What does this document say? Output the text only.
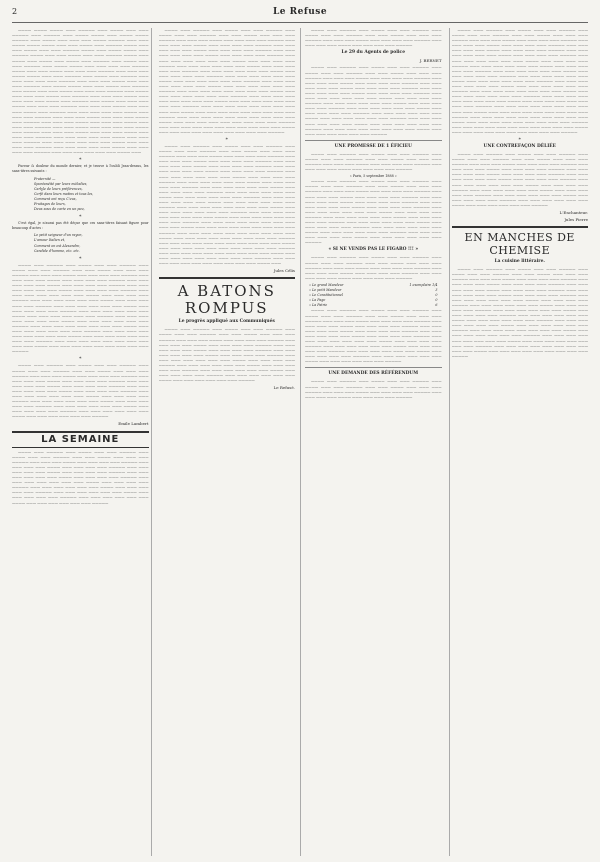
2	Le Refuse

———— ———— ———— ——— ————— ——— ———— ——— ——— ————— ——— ————— ——— ———— ———— ——— ———— ———— ————— ——— ———— ——— ——— ——— ———— ————— ——— ——— ———— ———— ———— ——— ——— ———— ——— ————— ———— ——— ——— ———— ——— ——— ————— ———— ——— ———— ———— ——— ————— ———— ——— ——— ———— ——— ——— ————— ———— ——— ———— ——— ———— ——— ———— ——— ————— ——— ———— ——— ——— ————— ——— ———— ———— ——— ——— ——— ——— ————— ———— ——— ——— ———— ——— ——— ——— ————— ——— ——— ——— ———— ———— ——— ——— ————— ——— ———— ——— ————— ——— ——— ——— ——— ——— ————— ——— ——— ——— ———— ——— ——— ——— ————— ——— ———— ———— ——— ——— ———— ——— ————— ——— ———— ——— ——— ———— ——— ——— ——— ————— ——— ———— ——— ——— ——— ———— ——— ————— ——— ——— ——— ———— ——— ——— ——— ——— ———— ——— ————— ——— ———— ——— ——— ——— ———— ——— ——— ——— ————— ——— ——— ——— ———— ——— ——— ——— ———— ——— ————— ——— ——— ——— ——— ——— ———— ——— ——— ——— ————— ——— ——— ——— ———— ——— ——— ——— ———— ——— ————— ——— ——— ——— ———— ——— ——— ——— ———— ——— ——— ——— ————— ——— ——— ———— ——— ——— ——— ——— ———— ——— ————— ——— ——— ——— ———— ——— ——— ——— ———— ——— ——— ——— ————— ——— ——— ——— ——— ——— ———— ——— ——— ——— ————— ——— ——— ——— ——— ——— ——— ———— ——— ——— ——— ——— ————— ——— ——— ——— ——— ——— ———— ——— ——— ——— ——— ————— ——— ——— ——— ——— ——— ——— ———— ———

*

Fureur & douleur du monde dernier, et je trouve à l'oubli Jean-dessus, les sans-titres suivants :

Fraternité —
Spontanéité par leurs mélodies,
Carlyle de leurs préférences,
Cerfé dans leurs matins et tous les,
Comment ont reçu C'eux,
Fruitages de leurs,
Deux sous de carte en un peu,
*

C'est égal, je n'aurai pas été déçue que ces sans-titres faisant figure pour beaucoup d'actes :

Le petit seigneur d'un rayon,
L'amour Italien et,
Comment on est Alexandre,
Candide d'homme, etc. etc.
*

———— ——— ————— ——— ———— ——— ——— ————— ——— ———— ——— ——— ————— ——— ——— ———— ——— ——— ——— ————— ——— ——— ——— ———— ——— ——— ——— ——— ————— ——— ——— ——— ——— ———— ——— ——— ——— ——— ————— ——— ——— ——— ——— ——— ———— ——— ——— ——— ——— ————— ——— ——— ——— ——— ——— ——— ———— ——— ——— ——— ——— ————— ——— ——— ——— ——— ——— ——— ——— ———— ——— ——— ——— ——— ————— ——— ——— ——— ——— ——— ——— ———— ——— ——— ——— ——— ——— ————— ——— ——— ——— ——— ——— ——— ———— ——— ——— ——— ——— ——— ————— ——— ——— ——— ——— ——— ——— ———— ——— ——— ——— ——— ——— ——— ————— ——— ——— ——— ——— ——— ——— ——— ———— ——— ——— ——— ——— ——— ——— ————— ——— ——— ——— ——— ——— ——— ——— ——— ———— ——— ——— ——— ——— ——— ——— ——— ————— ——— ——— ——— ——— ——— ——— ——— ——— ——— ———— ——— ——— ——— ——— ——— ——— ——— ——— ————— ——— ——— ——— ——— ——— ——— ——— ——— ——— ——— ———— ——— ——— ——— ——— ——— ——— ——— ——— ——— —————

*

———— ——— ————— ——— ———— ——— ——— ————— ——— ———— ——— ——— ————— ——— ——— ———— ——— ——— ——— ————— ——— ——— ——— ———— ——— ——— ——— ——— ————— ——— ——— ——— ——— ———— ——— ——— ——— ——— ————— ——— ——— ——— ——— ——— ———— ——— ——— ——— ——— ————— ——— ——— ——— ——— ——— ——— ———— ——— ——— ——— ——— ————— ——— ——— ——— ——— ——— ——— ——— ———— ——— ——— ——— ——— ————— ——— ——— ——— ——— ——— ——— ———— ——— ——— ——— ——— ——— ————— ——— ——— ——— ——— ——— ——— ———— ——— ——— ——— ——— ——— ————— ——— ——— ——— ——— ——— ——— ———— ——— ——— ——— ——— ——— ——— —————

Emile Lambert
LA SEMAINE

———— ——— ————— ——— ———— ——— ——— ————— ——— ———— ——— ——— ————— ——— ——— ———— ——— ——— ——— ————— ——— ——— ——— ———— ——— ——— ——— ——— ————— ——— ——— ——— ——— ———— ——— ——— ——— ——— ————— ——— ——— ——— ——— ——— ———— ——— ——— ——— ——— ————— ——— ——— ——— ——— ——— ——— ———— ——— ——— ——— ——— ————— ——— ——— ——— ——— ——— ——— ——— ———— ——— ——— ——— ——— ————— ——— ——— ——— ——— ——— ——— ———— ——— ——— ——— ——— ——— ————— ——— ——— ——— ——— ——— ——— ———— ——— ——— ——— ——— ——— ————— ——— ——— ——— ——— ——— ——— ———— ——— ——— ——— ——— ——— ——— —————

———— ——— ————— ——— ———— ——— ——— ————— ——— ———— ——— ——— ————— ——— ——— ———— ——— ——— ——— ————— ——— ——— ——— ———— ——— ——— ——— ——— ————— ——— ——— ——— ——— ———— ——— ——— ——— ——— ————— ——— ——— ——— ——— ——— ———— ——— ——— ——— ——— ————— ——— ——— ——— ——— ——— ——— ———— ——— ——— ——— ——— ————— ——— ——— ——— ——— ——— ——— ——— ———— ——— ——— ——— ——— ————— ——— ——— ——— ——— ——— ——— ———— ——— ——— ——— ——— ——— ————— ——— ——— ——— ——— ——— ——— ———— ——— ——— ——— ——— ——— ————— ——— ——— ——— ——— ——— ——— ———— ——— ——— ——— ——— ——— ——— ————— ——— ——— ——— ——— ——— ——— ——— ———— ——— ——— ——— ——— ——— ——— ————— ——— ——— ——— ——— ——— ——— ——— ——— ———— ——— ——— ——— ——— ——— ——— ——— ————— ——— ——— ——— ——— ——— ——— ——— ——— ——— ———— ——— ——— ——— ——— ——— ——— ——— ——— ————— ——— ——— ——— ——— ——— ——— ——— ——— ——— ——— ———— ——— ——— ——— ——— ——— ——— ——— ——— ——— ————— ——— ——— ——— ——— ——— ——— ——— ——— ——— ——— ———— ——— ——— ——— ——— ——— ——— ——— ——— ——— ————— ——— ——— ——— ——— ——— ——— ——— ——— ——— ——— ——— ———— ——— ——— ——— ——— ——— ——— ——— ——— ——— ——— —————

*

———— ——— ————— ——— ———— ——— ——— ————— ——— ———— ——— ——— ————— ——— ——— ———— ——— ——— ——— ————— ——— ——— ——— ———— ——— ——— ——— ——— ————— ——— ——— ——— ——— ———— ——— ——— ——— ——— ————— ——— ——— ——— ——— ——— ———— ——— ——— ——— ——— ————— ——— ——— ——— ——— ——— ——— ———— ——— ——— ——— ——— ————— ——— ——— ——— ——— ——— ——— ——— ———— ——— ——— ——— ——— ————— ——— ——— ——— ——— ——— ——— ———— ——— ——— ——— ——— ——— ————— ——— ——— ——— ——— ——— ——— ———— ——— ——— ——— ——— ——— ————— ——— ——— ——— ——— ——— ——— ———— ——— ——— ——— ——— ——— ——— ————— ——— ——— ——— ——— ——— ——— ——— ———— ——— ——— ——— ——— ——— ——— ————— ——— ——— ——— ——— ——— ——— ——— ——— ———— ——— ——— ——— ——— ——— ——— ——— ————— ——— ——— ——— ——— ——— ——— ——— ——— ——— ———— ——— ——— ——— ——— ——— ——— ——— ——— ————— ——— ——— ——— ——— ——— ——— ——— ——— ——— ——— ———— ——— ——— ——— ——— ——— ——— ——— ——— ——— ————— ——— ——— ——— ——— ——— ——— ——— ——— ——— ——— ———— ——— ——— ——— ——— ——— ——— ——— ——— ——— ————— ——— ——— ——— ——— ——— ——— ——— ——— ——— ——— ——— ———— ——— ——— ——— ——— ——— ——— ——— ——— ——— ——— ————— ——— ——— ——— ——— ——— ——— ——— ——— ——— ——— ———— ——— ——— ——— ——— ——— ——— ——— ——— ——— ————— ——— ——— ——— ——— ——— ——— ——— ——— ——— ——— ——— ———— ———

Jules Célis
A BATONS ROMPUS
Le progrès appliqué aux Communiqués

———— ——— ————— ——— ———— ——— ——— ————— ——— ———— ——— ——— ————— ——— ——— ———— ——— ——— ——— ————— ——— ——— ——— ———— ——— ——— ——— ——— ————— ——— ——— ——— ——— ———— ——— ——— ——— ——— ————— ——— ——— ——— ——— ——— ———— ——— ——— ——— ——— ————— ——— ——— ——— ——— ——— ——— ———— ——— ——— ——— ——— ————— ——— ——— ——— ——— ——— ——— ——— ———— ——— ——— ——— ——— ————— ——— ——— ——— ——— ——— ——— ———— ——— ——— ——— ——— ——— ————— ——— ——— ——— ——— ——— ——— ———— ——— ——— ——— ——— ——— ————— ——— ——— ——— ——— ——— ——— ———— ——— ——— ——— ——— ——— ——— —————

Le Refusé.

———— ——— ————— ——— ———— ——— ——— ————— ——— ———— ——— ——— ————— ——— ——— ———— ——— ——— ——— ————— ——— ——— ——— ———— ——— ——— ——— ——— ————— ——— ——— ——— ——— ———— ——— ——— ——— ——— —————

Le 29 du Agents de police
J. BERNET

———— ——— ————— ——— ———— ——— ——— ————— ——— ———— ——— ——— ————— ——— ——— ———— ——— ——— ——— ————— ——— ——— ——— ———— ——— ——— ——— ——— ————— ——— ——— ——— ——— ———— ——— ——— ——— ——— ————— ——— ——— ——— ——— ——— ———— ——— ——— ——— ——— ————— ——— ——— ——— ——— ——— ——— ———— ——— ——— ——— ——— ————— ——— ——— ——— ——— ——— ——— ——— ———— ——— ——— ——— ——— ————— ——— ——— ——— ——— ——— ——— ———— ——— ——— ——— ——— ——— ————— ——— ——— ——— ——— ——— ——— ———— ——— ——— ——— ——— ——— ————— ——— ——— ——— ——— ——— ——— ———— ——— ——— ——— ——— ——— ——— ————— ——— ——— ——— ——— ——— ——— ——— ———— ——— ——— ——— ——— ——— ——— ————— ——— ——— ——— ——— ——— ——— ——— ——— ———— ——— ——— ——— ——— ——— ——— ——— —————

UNE PROMESSE DE 1 ÉFICIEU

———— ——— ————— ——— ———— ——— ——— ————— ——— ———— ——— ——— ————— ——— ——— ———— ——— ——— ——— ————— ——— ——— ——— ———— ——— ——— ——— ——— ————— ——— ——— ——— ——— ———— ——— ——— ——— ——— —————

« Paris, 5 septembre 1888 »

———— ——— ————— ——— ———— ——— ——— ————— ——— ———— ——— ——— ————— ——— ——— ———— ——— ——— ——— ————— ——— ——— ——— ———— ——— ——— ——— ——— ————— ——— ——— ——— ——— ———— ——— ——— ——— ——— ————— ——— ——— ——— ——— ——— ———— ——— ——— ——— ——— ————— ——— ——— ——— ——— ——— ——— ———— ——— ——— ——— ——— ————— ——— ——— ——— ——— ——— ——— ——— ———— ——— ——— ——— ——— ————— ——— ——— ——— ——— ——— ——— ———— ——— ——— ——— ——— ——— ————— ——— ——— ——— ——— ——— ——— ———— ——— ——— ——— ——— ——— ————— ——— ——— ——— ——— ——— ——— ———— ——— ——— ——— ——— ——— ——— ————— ——— ——— ——— ——— ——— ——— ——— ———— ——— ——— ——— ——— ——— ——— —————

« SI NE VENDS PAS LE FIGARO !!! »

———— ——— ————— ——— ———— ——— ——— ————— ——— ———— ——— ——— ————— ——— ——— ———— ——— ——— ——— ————— ——— ——— ——— ———— ——— ——— ——— ——— ————— ——— ——— ——— ——— ———— ——— ——— ——— ——— ————— ——— ——— ——— ——— ——— ———— ——— ——— ——— ——— —————

« Le grand Mandeur	1 exemplaire 1/4
« Le petit Mandeur	3
« Le Constitutionnel	0
« La Page	0
« La Patrie	6

———— ——— ————— ——— ———— ——— ——— ————— ——— ———— ——— ——— ————— ——— ——— ———— ——— ——— ——— ————— ——— ——— ——— ———— ——— ——— ——— ——— ————— ——— ——— ——— ——— ———— ——— ——— ——— ——— ————— ——— ——— ——— ——— ——— ———— ——— ——— ——— ——— ————— ——— ——— ——— ——— ——— ——— ———— ——— ——— ——— ——— ————— ——— ——— ——— ——— ——— ——— ——— ———— ——— ——— ——— ——— ————— ——— ——— ——— ——— ——— ——— ———— ——— ——— ——— ——— ——— ————— ——— ——— ——— ——— ——— ——— ———— ——— ——— ——— ——— ——— ————— ——— ——— ——— ——— ——— ——— ———— ——— ——— ——— ——— ——— ——— —————

UNE DEMANDE DES RÉFÉRENDUM

———— ——— ————— ——— ———— ——— ——— ————— ——— ———— ——— ——— ————— ——— ——— ———— ——— ——— ——— ————— ——— ——— ——— ———— ——— ——— ——— ——— ————— ——— ——— ——— ——— ———— ——— ——— ——— ——— —————

———— ——— ————— ——— ———— ——— ——— ————— ——— ———— ——— ——— ————— ——— ——— ———— ——— ——— ——— ————— ——— ——— ——— ———— ——— ——— ——— ——— ————— ——— ——— ——— ——— ———— ——— ——— ——— ——— ————— ——— ——— ——— ——— ——— ———— ——— ——— ——— ——— ————— ——— ——— ——— ——— ——— ——— ———— ——— ——— ——— ——— ————— ——— ——— ——— ——— ——— ——— ——— ———— ——— ——— ——— ——— ————— ——— ——— ——— ——— ——— ——— ———— ——— ——— ——— ——— ——— ————— ——— ——— ——— ——— ——— ——— ———— ——— ——— ——— ——— ——— ————— ——— ——— ——— ——— ——— ——— ———— ——— ——— ——— ——— ——— ——— ————— ——— ——— ——— ——— ——— ——— ——— ———— ——— ——— ——— ——— ——— ——— ————— ——— ——— ——— ——— ——— ——— ——— ——— ———— ——— ——— ——— ——— ——— ——— ——— ————— ——— ——— ——— ——— ——— ——— ——— ——— ——— ———— ——— ——— ——— ——— ——— ——— ——— ——— ————— ——— ——— ——— ——— ——— ——— ——— ——— ——— ——— ———— ——— ——— ——— ——— ——— ——— ——— ——— ——— ————— ——— ——— ——— ——— ——— ——— ——— ——— ——— ——— ———— ——— ——— ——— ——— ——— ——— ——— ——— ——— ————— ——— ——— ——— ——— ——— ——— ——— ——— ——— ——— ——— ———— ——— ——— ——— ——— ——— ——— ——— ——— ——— ——— —————

*
UNE CONTREFAÇON DÉLIÉE

———— ——— ————— ——— ———— ——— ——— ————— ——— ———— ——— ——— ————— ——— ——— ———— ——— ——— ——— ————— ——— ——— ——— ———— ——— ——— ——— ——— ————— ——— ——— ——— ——— ———— ——— ——— ——— ——— ————— ——— ——— ——— ——— ——— ———— ——— ——— ——— ——— ————— ——— ——— ——— ——— ——— ——— ———— ——— ——— ——— ——— ————— ——— ——— ——— ——— ——— ——— ——— ———— ——— ——— ——— ——— ————— ——— ——— ——— ——— ——— ——— ———— ——— ——— ——— ——— ——— ————— ——— ——— ——— ——— ——— ——— ———— ——— ——— ——— ——— ——— ————— ——— ——— ——— ——— ——— ——— ———— ——— ——— ——— ——— ——— ——— —————

L'Enchanteur.
Jules Pierre
EN MANCHES DE CHEMISE
La cuisine littéraire.

———— ——— ————— ——— ———— ——— ——— ————— ——— ———— ——— ——— ————— ——— ——— ———— ——— ——— ——— ————— ——— ——— ——— ———— ——— ——— ——— ——— ————— ——— ——— ——— ——— ———— ——— ——— ——— ——— ————— ——— ——— ——— ——— ——— ———— ——— ——— ——— ——— ————— ——— ——— ——— ——— ——— ——— ———— ——— ——— ——— ——— ————— ——— ——— ——— ——— ——— ——— ——— ———— ——— ——— ——— ——— ————— ——— ——— ——— ——— ——— ——— ———— ——— ——— ——— ——— ——— ————— ——— ——— ——— ——— ——— ——— ———— ——— ——— ——— ——— ——— ————— ——— ——— ——— ——— ——— ——— ———— ——— ——— ——— ——— ——— ——— ————— ——— ——— ——— ——— ——— ——— ——— ———— ——— ——— ——— ——— ——— ——— ————— ——— ——— ——— ——— ——— ——— ——— ——— ———— ——— ——— ——— ——— ——— ——— ——— ————— ——— ——— ——— ——— ——— ——— ——— ——— ——— ———— ——— ——— ——— ——— ——— ——— ——— ——— ————— ——— ——— ——— ——— ——— ——— ——— ——— ——— ——— ———— ——— ——— ——— ——— ——— ——— ——— ——— ——— —————
